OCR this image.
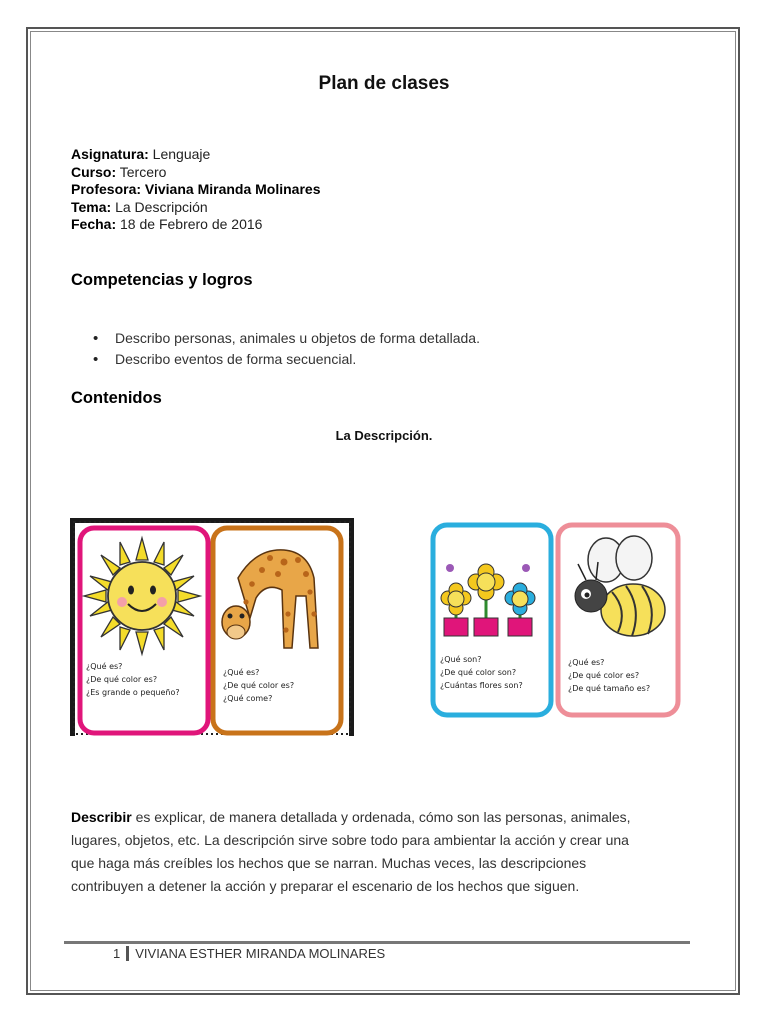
Plan de clases
Asignatura: Lenguaje
Curso: Tercero
Profesora: Viviana Miranda Molinares
Tema: La Descripción
Fecha: 18 de Febrero de 2016
Competencias y logros
• Describo personas, animales u objetos de forma detallada.
• Describo eventos de forma secuencial.
Contenidos
La Descripción.
¿Qué es?
¿De qué color es?
¿Es grande o pequeño?
¿Qué es?
¿De qué color es?
¿Qué come?
¿Qué son?
¿De qué color son?
¿Cuántas flores son?
¿Qué es?
¿De qué color es?
¿De qué tamaño es?
Describir es explicar, de manera detallada y ordenada, cómo son las personas, animales,
lugares, objetos, etc. La descripción sirve sobre todo para ambientar la acción y crear una
que haga más creíbles los hechos que se narran. Muchas veces, las descripciones
contribuyen a detener la acción y preparar el escenario de los hechos que siguen.
1 VIVIANA ESTHER MIRANDA MOLINARES
